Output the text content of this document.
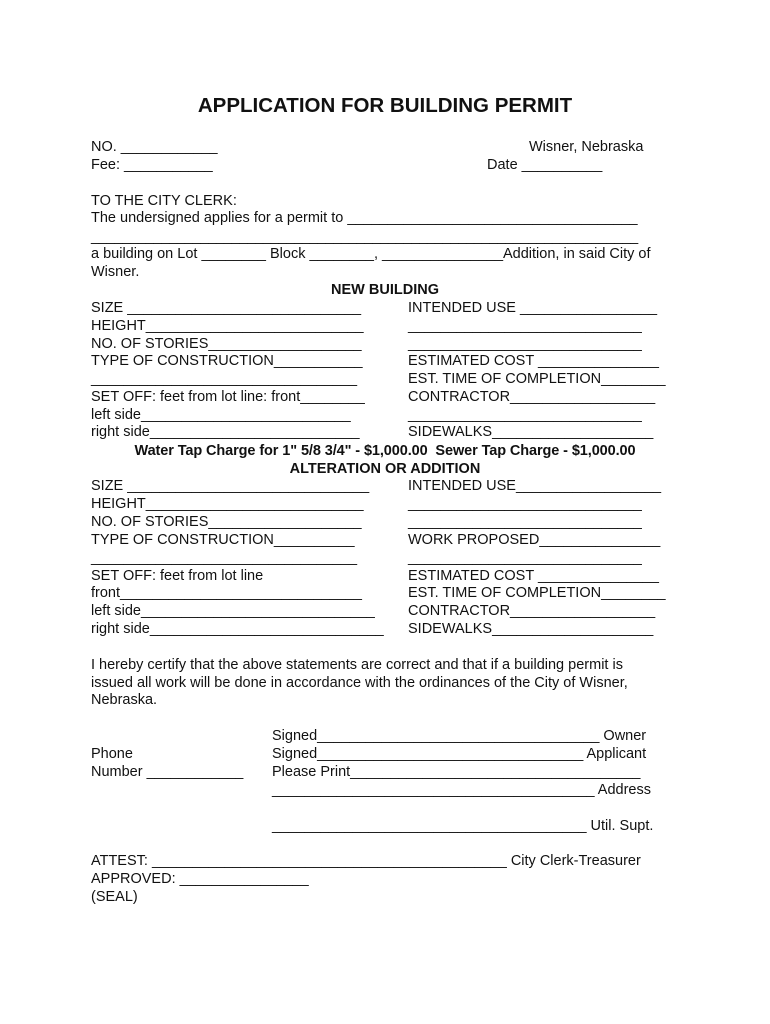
APPLICATION FOR BUILDING PERMIT
NO. ____________
Fee: ___________
Wisner, Nebraska
Date __________
TO THE CITY CLERK:
The undersigned applies for a permit to ____________________________________
______________________________________________________________________
a building on Lot ________ Block ________, _______________Addition, in said City of
Wisner.
NEW BUILDING
SIZE _____________________________
HEIGHT___________________________
NO. OF STORIES___________________
TYPE OF CONSTRUCTION___________
_________________________________
SET OFF: feet from lot line: front________
left side__________________________
right side__________________________
INTENDED USE _________________
_____________________________
_____________________________
ESTIMATED COST _______________
EST. TIME OF COMPLETION________
CONTRACTOR__________________
_____________________________
SIDEWALKS____________________
Water Tap Charge for 1" 5/8 3/4" - $1,000.00  Sewer Tap Charge - $1,000.00
ALTERATION OR ADDITION
SIZE ______________________________
HEIGHT___________________________
NO. OF STORIES___________________
TYPE OF CONSTRUCTION__________
_________________________________
SET OFF: feet from lot line
front______________________________
left side_____________________________
right side_____________________________
INTENDED USE__________________
_____________________________
_____________________________
WORK PROPOSED_______________
_____________________________
ESTIMATED COST _______________
EST. TIME OF COMPLETION________
CONTRACTOR__________________
SIDEWALKS____________________
I hereby certify that the above statements are correct and that if a building permit is
issued all work will be done in accordance with the ordinances of the City of Wisner,
Nebraska.
Phone
Number ____________
Signed___________________________________ Owner
Signed_________________________________ Applicant
Please Print____________________________________
________________________________________ Address
_______________________________________ Util. Supt.
ATTEST: ____________________________________________ City Clerk-Treasurer
APPROVED: ________________
(SEAL)
